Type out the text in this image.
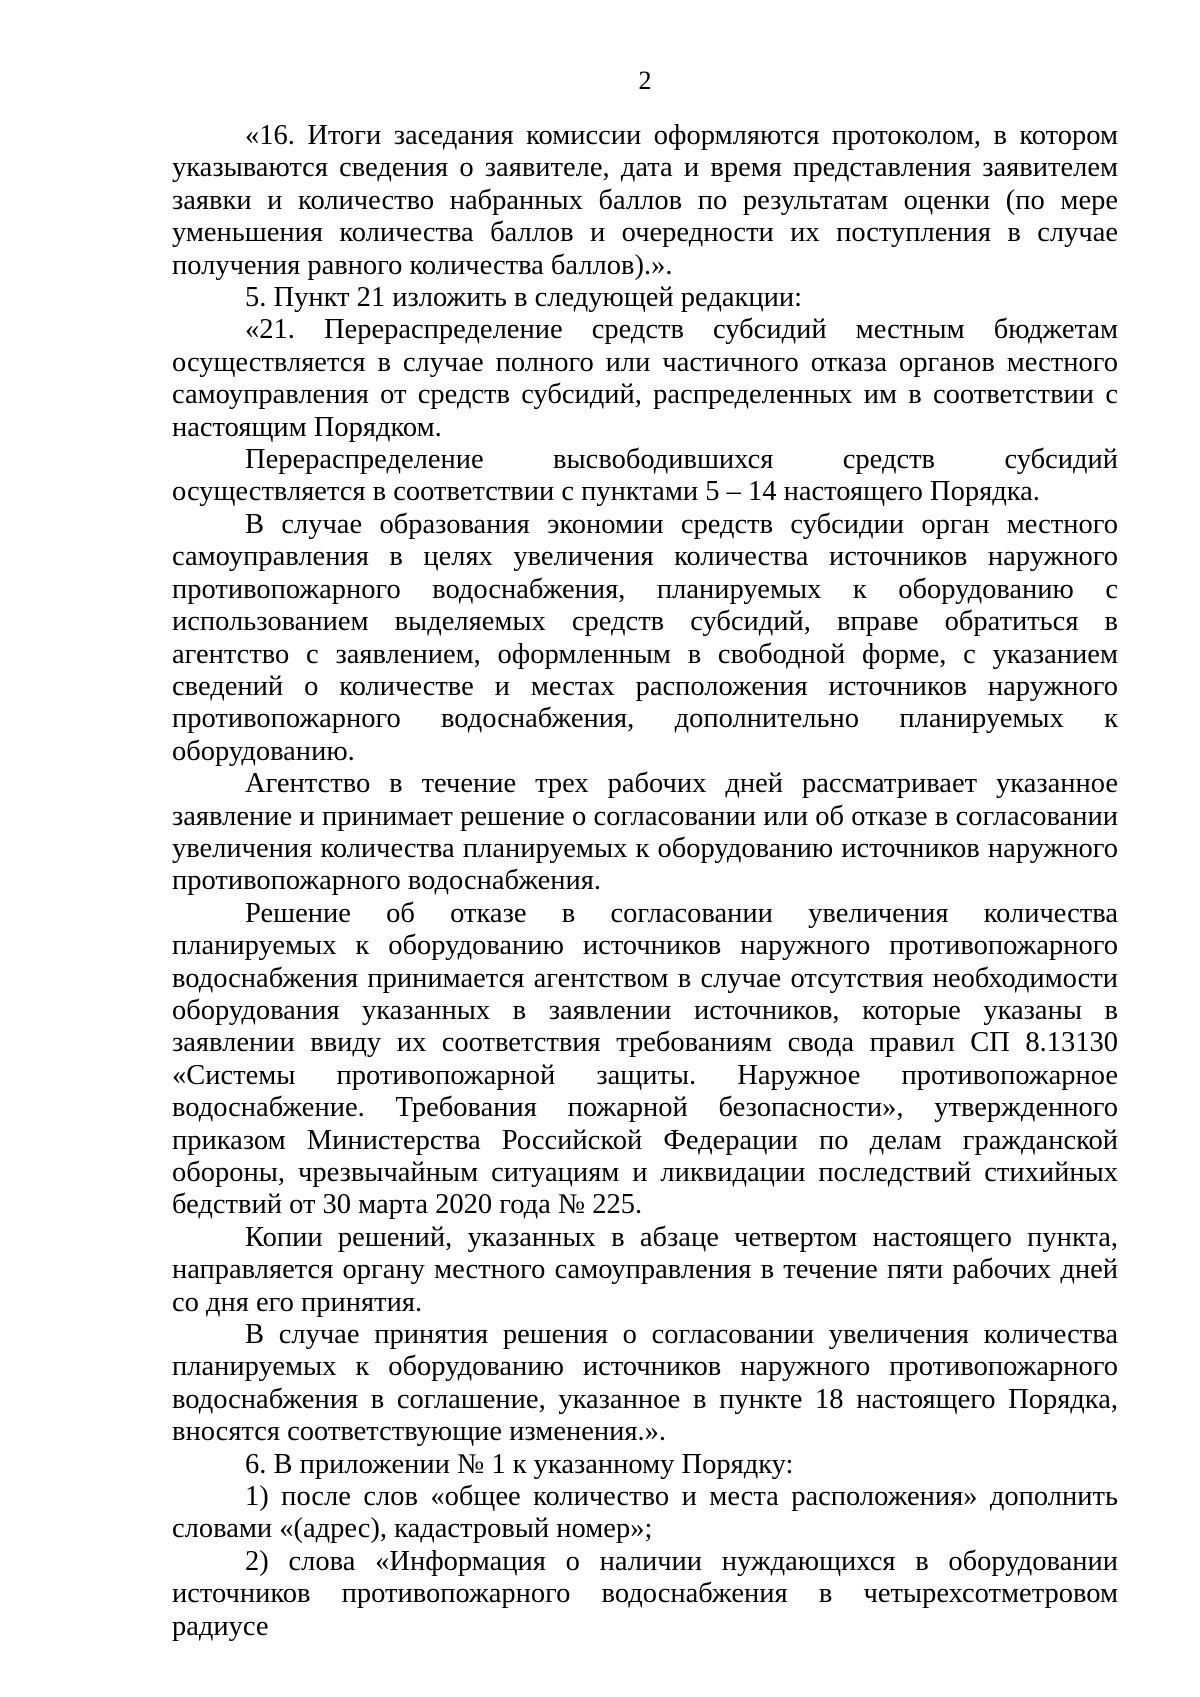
2

«16. Итоги заседания комиссии оформляются протоколом, в котором указываются сведения о заявителе, дата и время представления заявителем заявки и количество набранных баллов по результатам оценки (по мере уменьшения количества баллов и очередности их поступления в случае получения равного количества баллов).».

5. Пункт 21 изложить в следующей редакции:

«21. Перераспределение средств субсидий местным бюджетам осуществляется в случае полного или частичного отказа органов местного самоуправления от средств субсидий, распределенных им в соответствии с настоящим Порядком.

Перераспределение высвободившихся средств субсидий осуществляется в соответствии с пунктами 5 – 14 настоящего Порядка.

В случае образования экономии средств субсидии орган местного самоуправления в целях увеличения количества источников наружного противопожарного водоснабжения, планируемых к оборудованию с использованием выделяемых средств субсидий, вправе обратиться в агентство с заявлением, оформленным в свободной форме, с указанием сведений о количестве и местах расположения источников наружного противопожарного водоснабжения, дополнительно планируемых к оборудованию.

Агентство в течение трех рабочих дней рассматривает указанное заявление и принимает решение о согласовании или об отказе в согласовании увеличения количества планируемых к оборудованию источников наружного противопожарного водоснабжения.

Решение об отказе в согласовании увеличения количества планируемых к оборудованию источников наружного противопожарного водоснабжения принимается агентством в случае отсутствия необходимости оборудования указанных в заявлении источников, которые указаны в заявлении ввиду их соответствия требованиям свода правил СП 8.13130 «Системы противопожарной защиты. Наружное противопожарное водоснабжение. Требования пожарной безопасности», утвержденного приказом Министерства Российской Федерации по делам гражданской обороны, чрезвычайным ситуациям и ликвидации последствий стихийных бедствий от 30 марта 2020 года № 225.

Копии решений, указанных в абзаце четвертом настоящего пункта, направляется органу местного самоуправления в течение пяти рабочих дней со дня его принятия.

В случае принятия решения о согласовании увеличения количества планируемых к оборудованию источников наружного противопожарного водоснабжения в соглашение, указанное в пункте 18 настоящего Порядка, вносятся соответствующие изменения.».

6. В приложении № 1 к указанному Порядку:

1) после слов «общее количество и места расположения» дополнить словами «(адрес), кадастровый номер»;

2) слова «Информация о наличии нуждающихся в оборудовании источников противопожарного водоснабжения в четырехсотметровом радиусе
